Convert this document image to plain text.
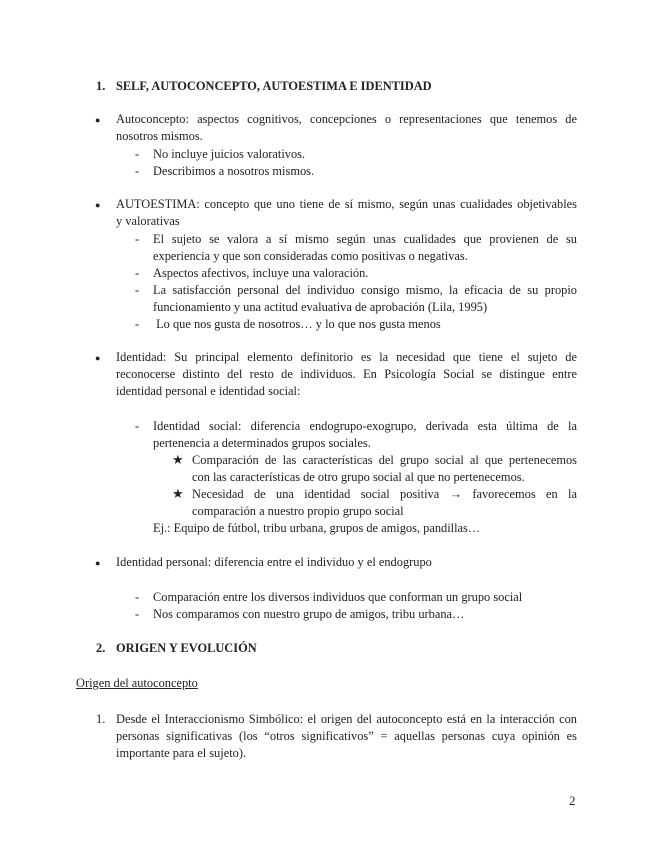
1. SELF, AUTOCONCEPTO, AUTOESTIMA E IDENTIDAD
● Autoconcepto: aspectos cognitivos, concepciones o representaciones que tenemos de
nosotros mismos.
- No incluye juicios valorativos.
- Describimos a nosotros mismos.
● AUTOESTIMA: concepto que uno tiene de sí mismo, según unas cualidades objetivables
y valorativas
- El sujeto se valora a sí mismo según unas cualidades que provienen de su
experiencia y que son consideradas como positivas o negativas.
- Aspectos afectivos, incluye una valoración.
- La satisfacción personal del individuo consigo mismo, la eficacia de su propio
funcionamiento y una actitud evaluativa de aprobación (Lila, 1995)
- Lo que nos gusta de nosotros… y lo que nos gusta menos
● Identidad: Su principal elemento definitorio es la necesidad que tiene el sujeto de
reconocerse distinto del resto de individuos. En Psicología Social se distingue entre
identidad personal e identidad social:
- Identidad social: diferencia endogrupo-exogrupo, derivada esta última de la
pertenencia a determinados grupos sociales.
★ Comparación de las características del grupo social al que pertenecemos
con las características de otro grupo social al que no pertenecemos.
★ Necesidad de una identidad social positiva → favorecemos en la
comparación a nuestro propio grupo social
Ej.: Equipo de fútbol, tribu urbana, grupos de amigos, pandillas…
● Identidad personal: diferencia entre el individuo y el endogrupo
- Comparación entre los diversos individuos que conforman un grupo social
- Nos comparamos con nuestro grupo de amigos, tribu urbana…
2. ORIGEN Y EVOLUCIÓN
Origen del autoconcepto
1. Desde el Interaccionismo Simbólico: el origen del autoconcepto está en la interacción con
personas significativas (los “otros significativos” = aquellas personas cuya opinión es
importante para el sujeto).
2
